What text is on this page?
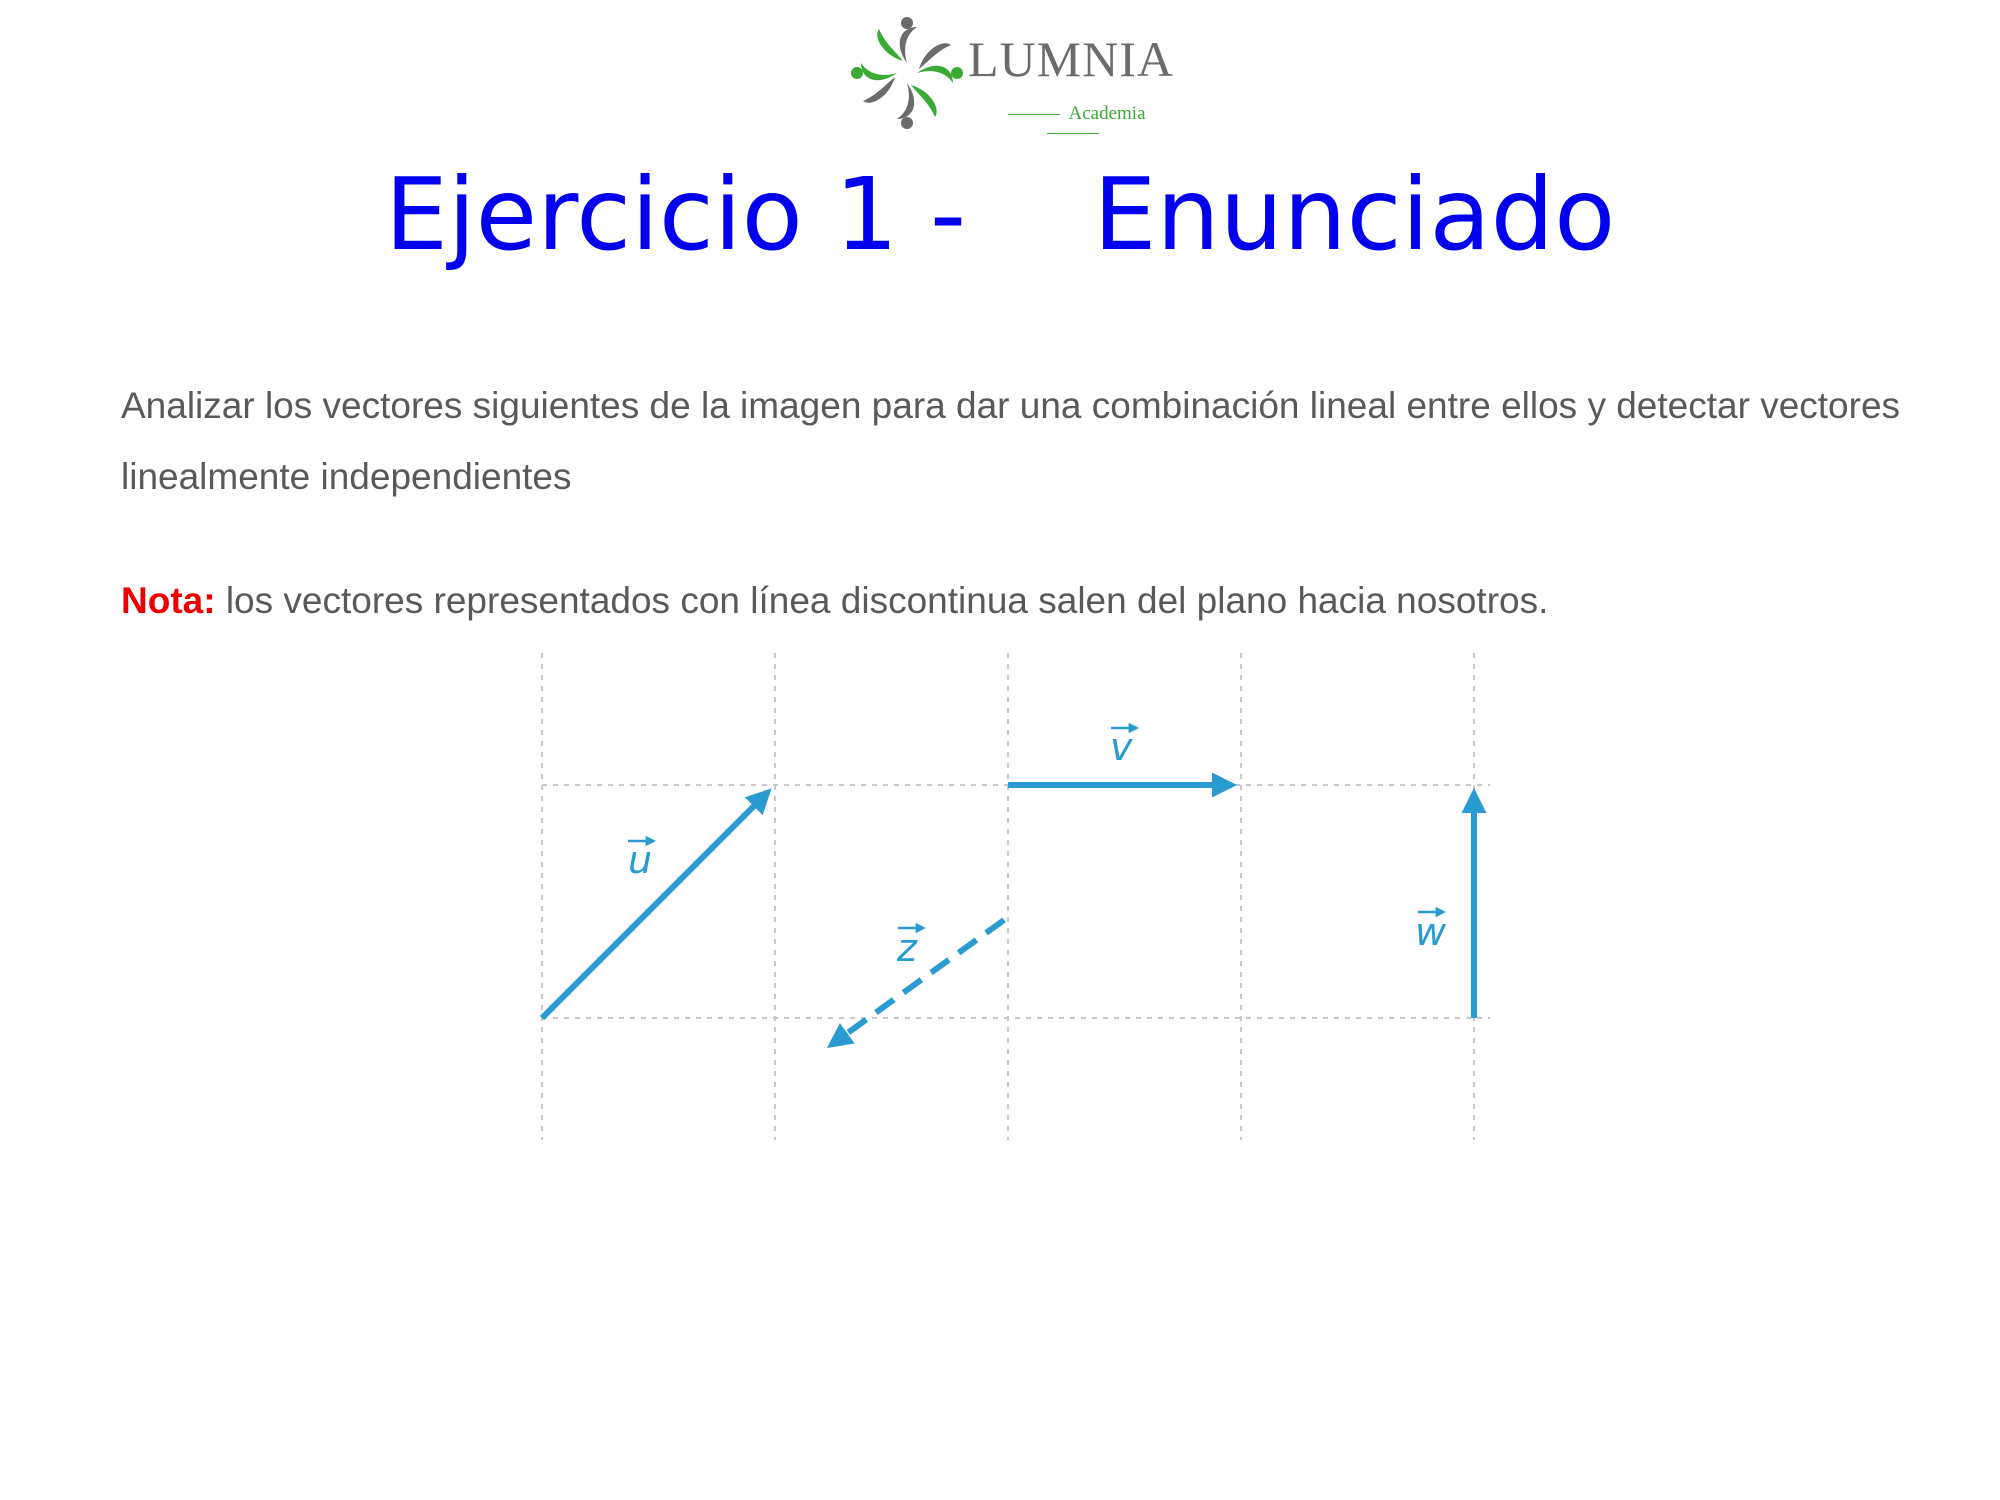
LUMNIA
Academia
Ejercicio 1 -    Enunciado
Analizar los vectores siguientes de la imagen para dar una combinación lineal entre ellos y detectar vectores linealmente independientes
Nota: los vectores representados con línea discontinua salen del plano hacia nosotros.
u
v
z	w
